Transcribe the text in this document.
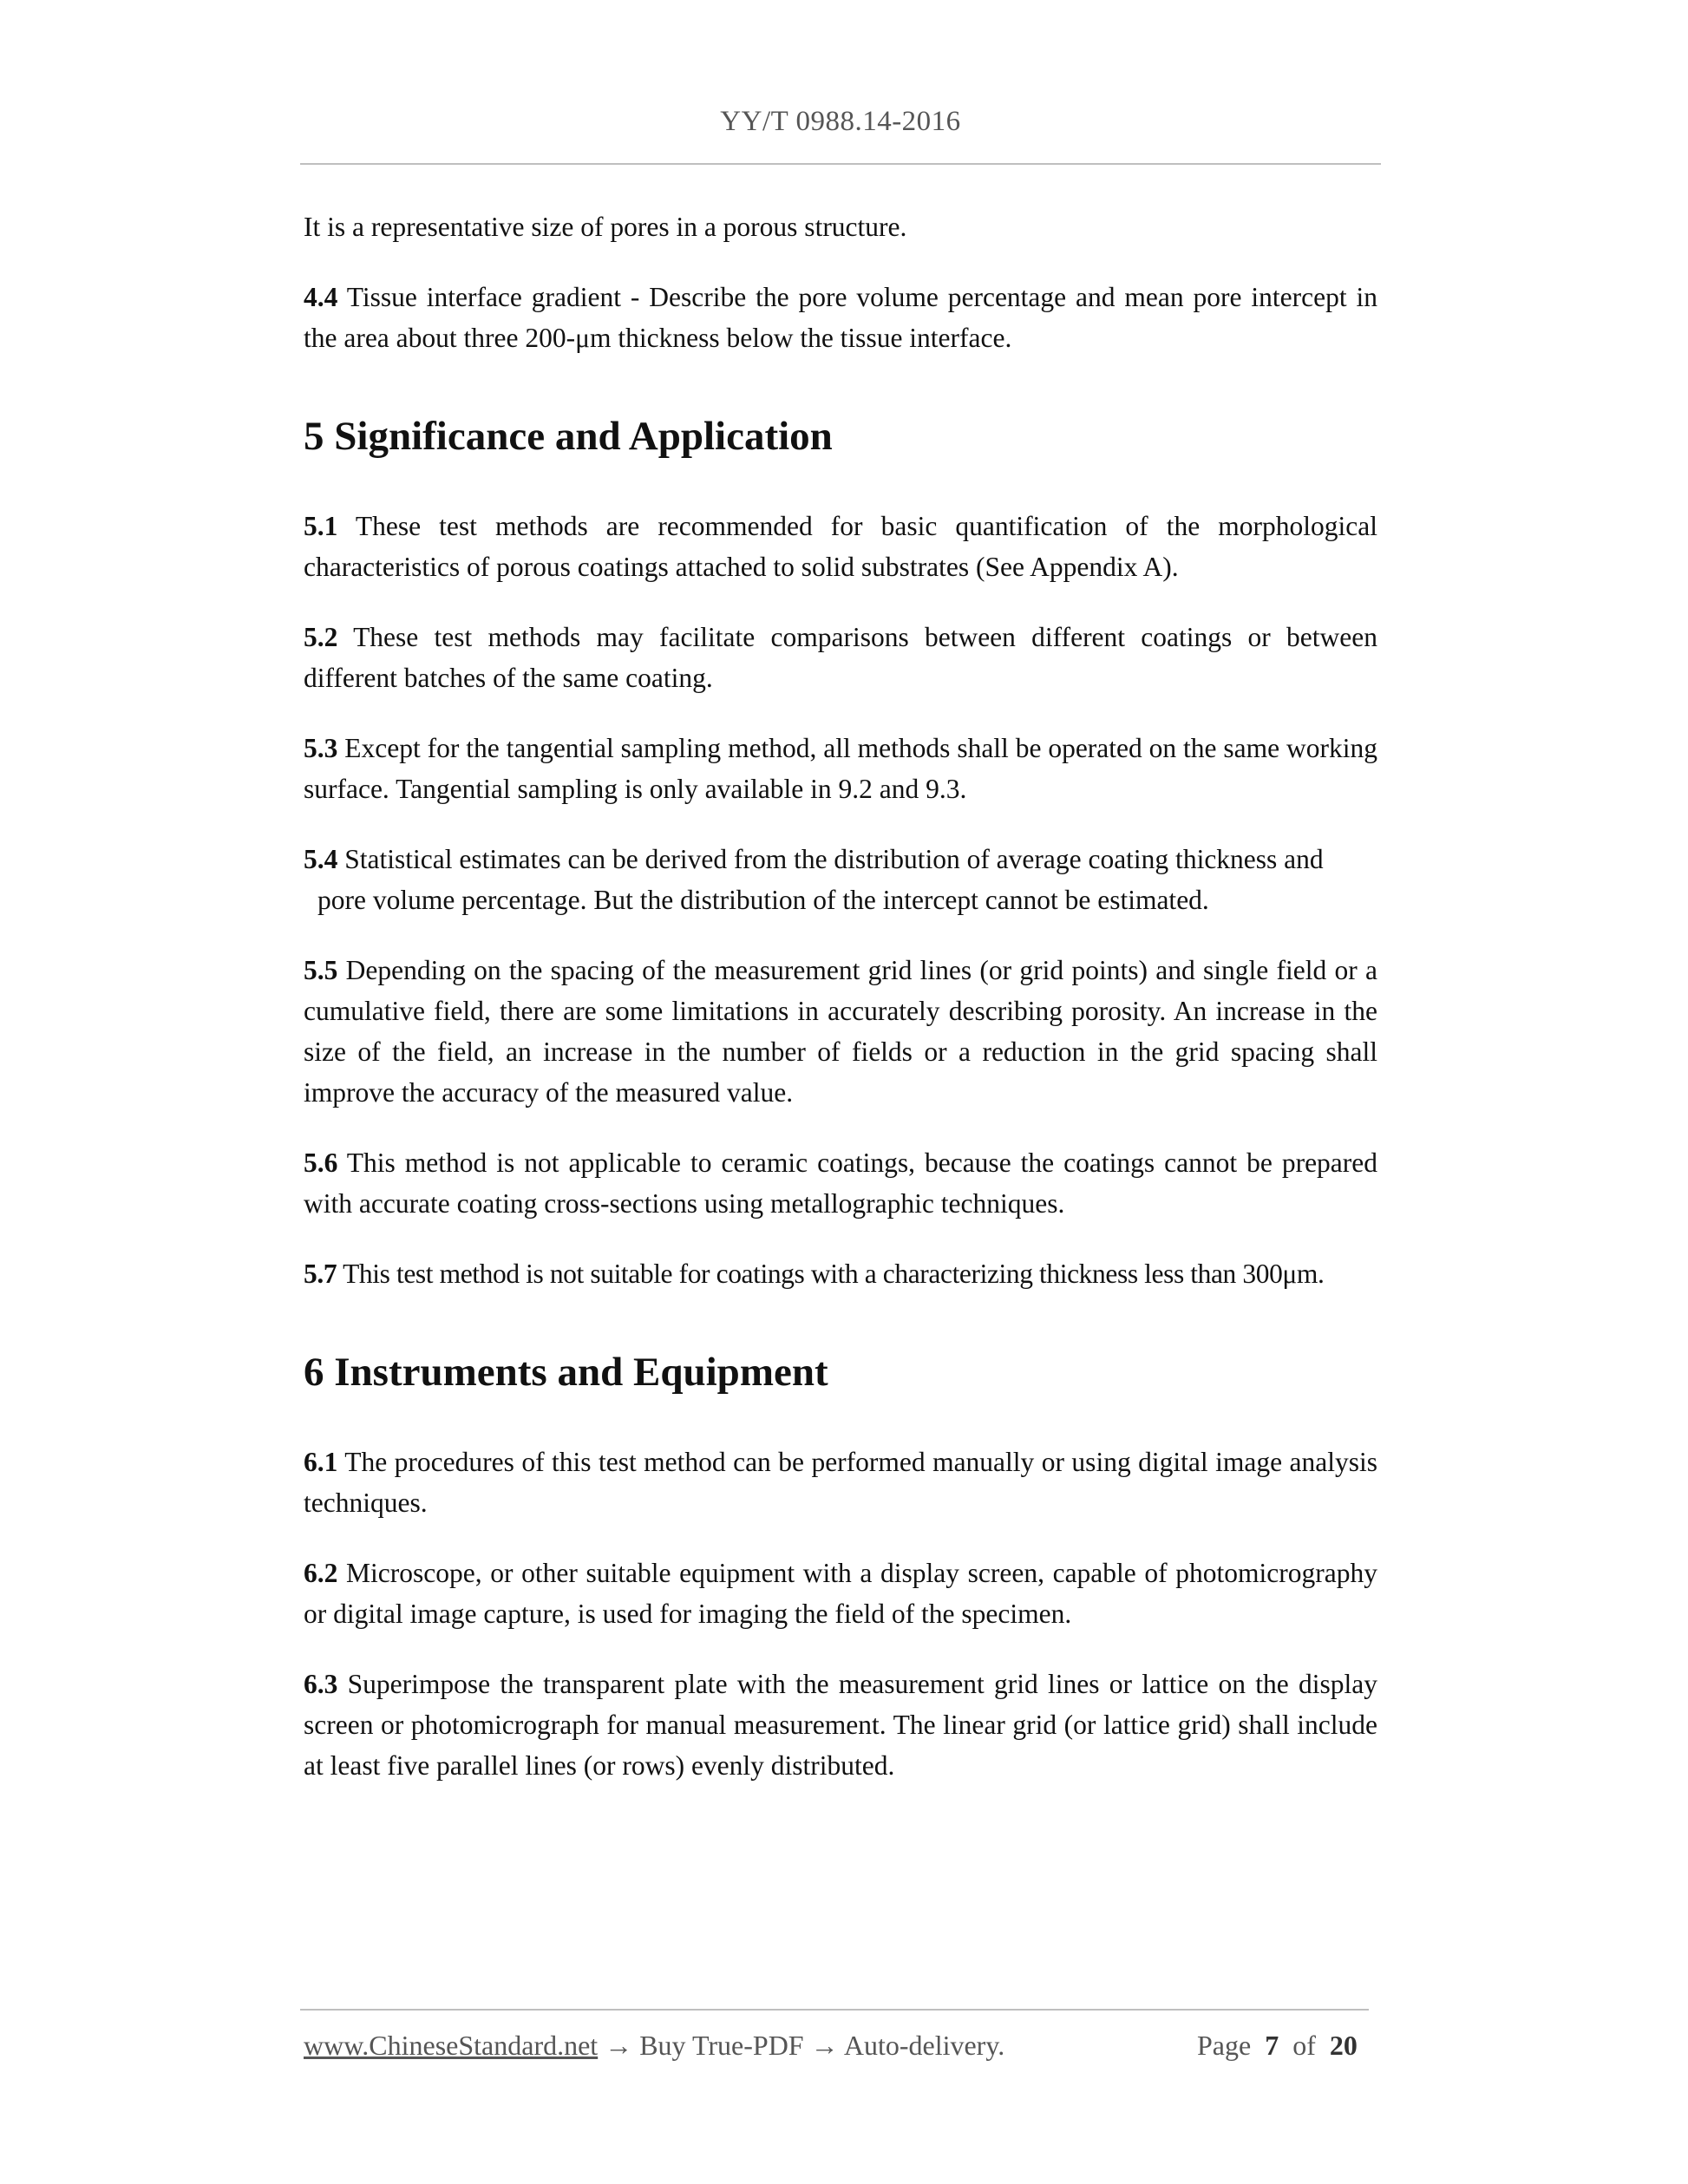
YY/T 0988.14-2016

It is a representative size of pores in a porous structure.

4.4 Tissue interface gradient - Describe the pore volume percentage and mean pore intercept in the area about three 200-μm thickness below the tissue interface.

5 Significance and Application

5.1 These test methods are recommended for basic quantification of the morphological characteristics of porous coatings attached to solid substrates (See Appendix A).

5.2 These test methods may facilitate comparisons between different coatings or between different batches of the same coating.

5.3 Except for the tangential sampling method, all methods shall be operated on the same working surface. Tangential sampling is only available in 9.2 and 9.3.

5.4 Statistical estimates can be derived from the distribution of average coating thickness and
pore volume percentage. But the distribution of the intercept cannot be estimated.

5.5 Depending on the spacing of the measurement grid lines (or grid points) and single field or a cumulative field, there are some limitations in accurately describing porosity. An increase in the size of the field, an increase in the number of fields or a reduction in the grid spacing shall improve the accuracy of the measured value.

5.6 This method is not applicable to ceramic coatings, because the coatings cannot be prepared with accurate coating cross-sections using metallographic techniques.

5.7 This test method is not suitable for coatings with a characterizing thickness less than 300μm.

6 Instruments and Equipment

6.1 The procedures of this test method can be performed manually or using digital image analysis techniques.

6.2 Microscope, or other suitable equipment with a display screen, capable of photomicrography or digital image capture, is used for imaging the field of the specimen.

6.3 Superimpose the transparent plate with the measurement grid lines or lattice on the display screen or photomicrograph for manual measurement. The linear grid (or lattice grid) shall include at least five parallel lines (or rows) evenly distributed.

www.ChineseStandard.net → Buy True-PDF → Auto-delivery.	Page 7 of 20
